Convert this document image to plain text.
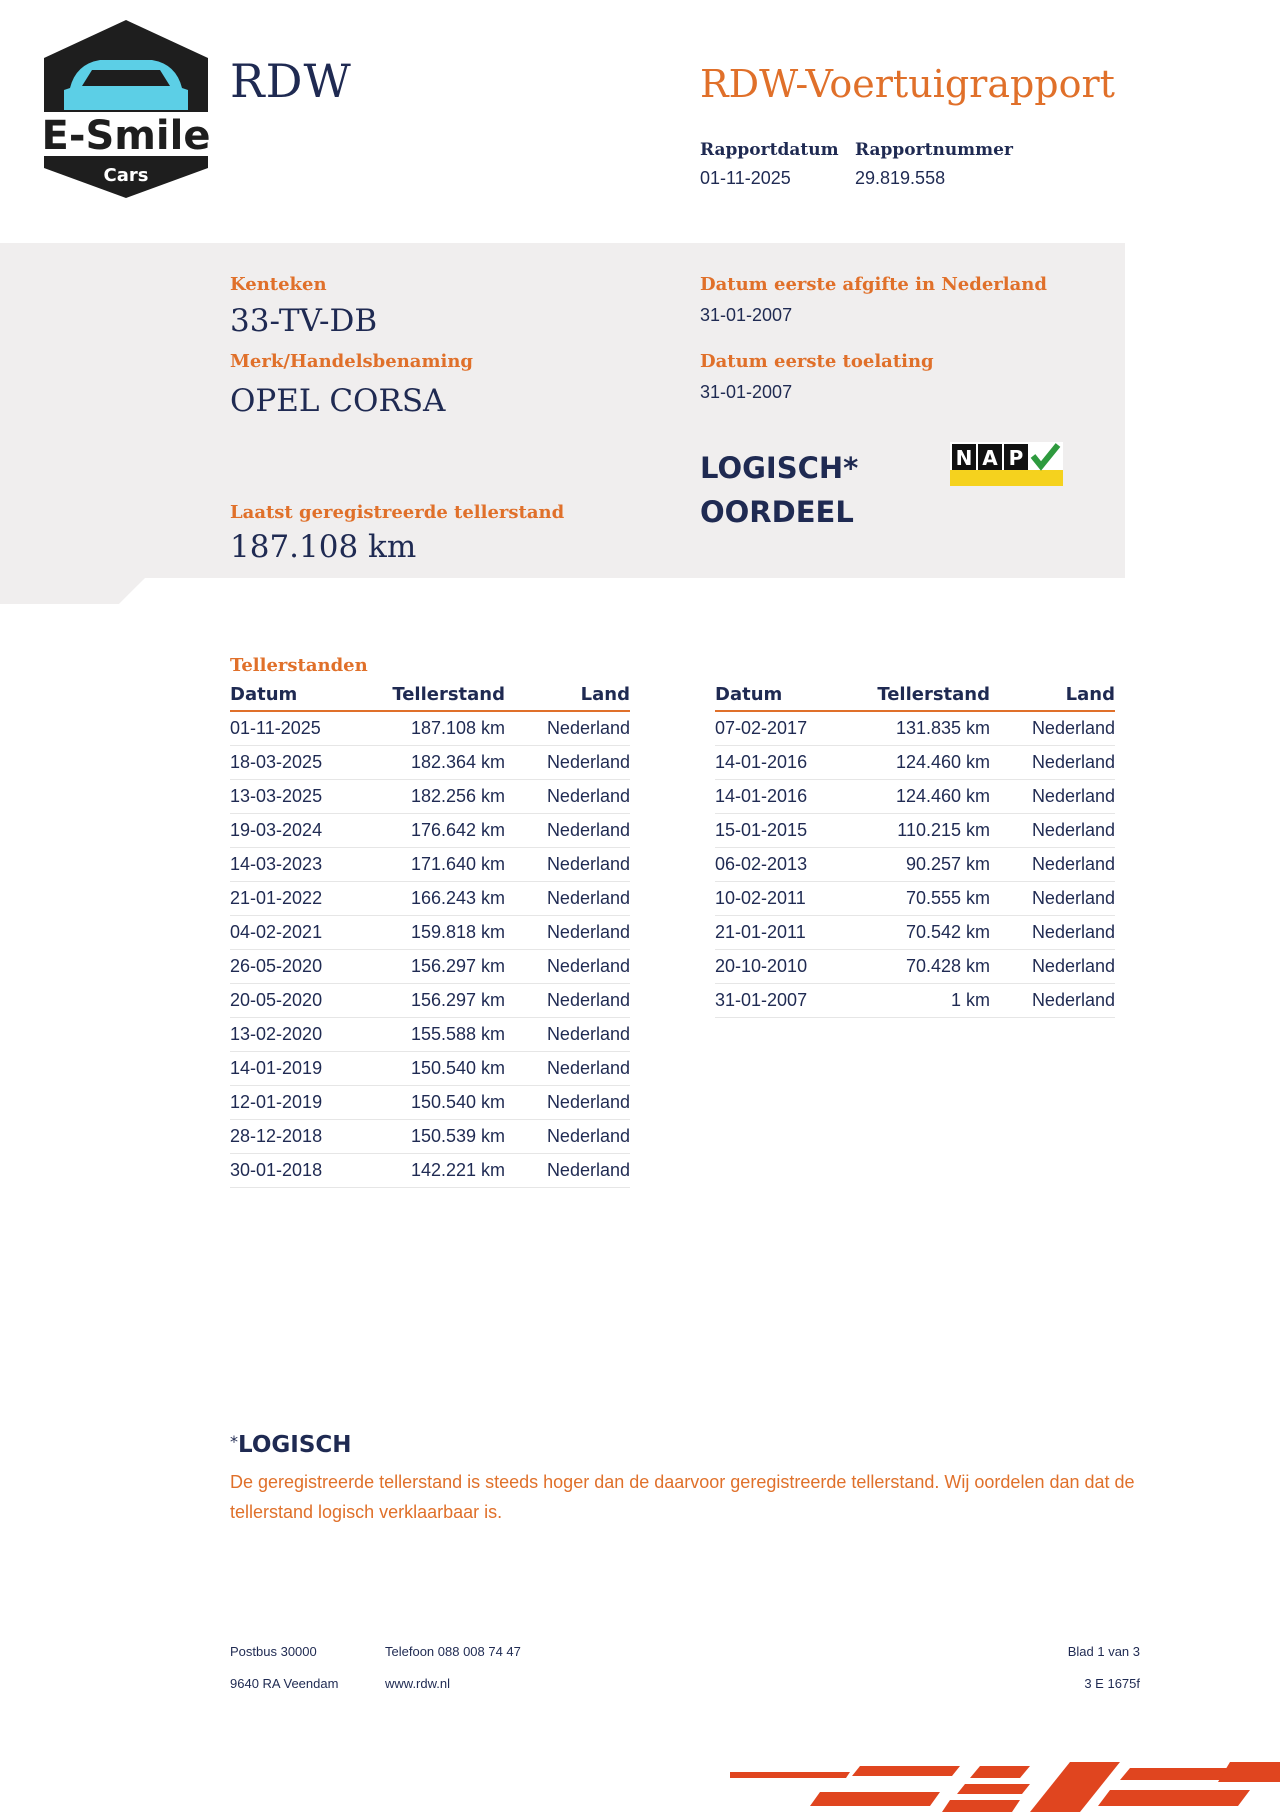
E-Smile
Cars
RDW	RDW-Voertuigrapport
Rapportdatum
01-11-2025
Rapportnummer
29.819.558
Kenteken
33-TV-DB
Merk/Handelsbenaming
OPEL CORSA
Laatst geregistreerde tellerstand
187.108 km
Datum eerste afgifte in Nederland
31-01-2007
Datum eerste toelating
31-01-2007
LOGISCH*
OORDEEL
N A P
Tellerstanden
Datum	Tellerstand	Land
01-11-2025	187.108 km	Nederland
18-03-2025	182.364 km	Nederland
13-03-2025	182.256 km	Nederland
19-03-2024	176.642 km	Nederland
14-03-2023	171.640 km	Nederland
21-01-2022	166.243 km	Nederland
04-02-2021	159.818 km	Nederland
26-05-2020	156.297 km	Nederland
20-05-2020	156.297 km	Nederland
13-02-2020	155.588 km	Nederland
14-01-2019	150.540 km	Nederland
12-01-2019	150.540 km	Nederland
28-12-2018	150.539 km	Nederland
30-01-2018	142.221 km	Nederland
Datum	Tellerstand	Land
07-02-2017	131.835 km	Nederland
14-01-2016	124.460 km	Nederland
14-01-2016	124.460 km	Nederland
15-01-2015	110.215 km	Nederland
06-02-2013	90.257 km	Nederland
10-02-2011	70.555 km	Nederland
21-01-2011	70.542 km	Nederland
20-10-2010	70.428 km	Nederland
31-01-2007	1 km	Nederland
*LOGISCH
De geregistreerde tellerstand is steeds hoger dan de daarvoor geregistreerde tellerstand. Wij oordelen dan dat de tellerstand logisch verklaarbaar is.
Postbus 30000
9640 RA Veendam
Telefoon 088 008 74 47
www.rdw.nl
Blad 1 van 3
3 E 1675f
